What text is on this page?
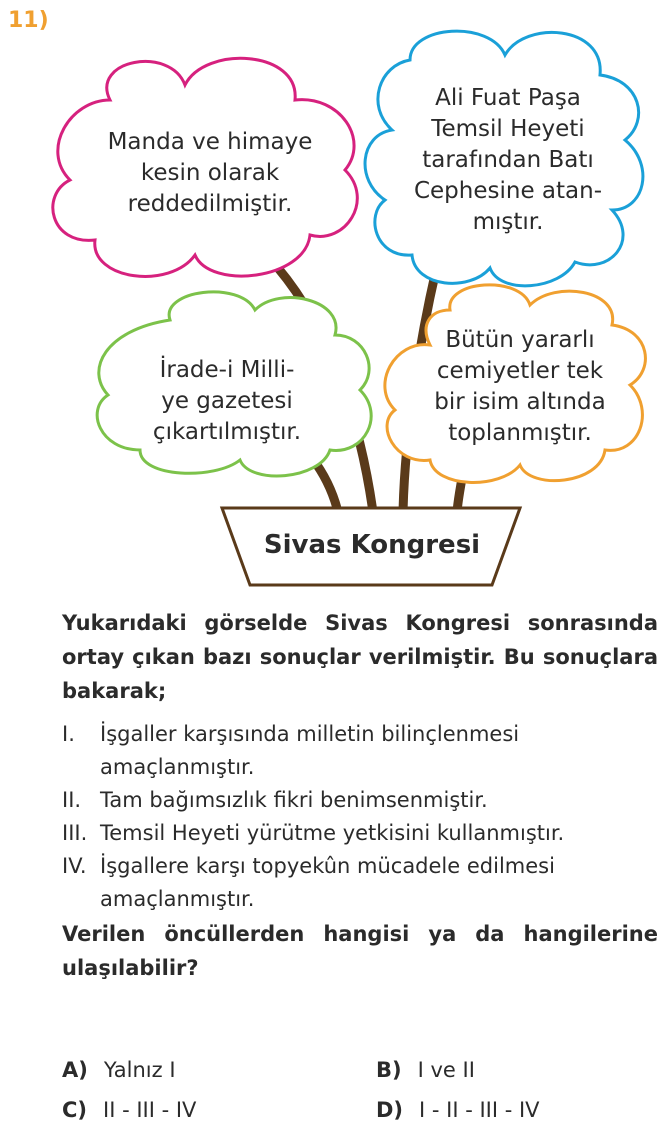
11)
Manda ve himaye
kesin olarak
reddedilmiştir.
Ali Fuat Paşa
Temsil Heyeti
tarafından Batı
Cephesine atan-
mıştır.
İrade-i Milli-
ye gazetesi
çıkartılmıştır.
Bütün yararlı
cemiyetler tek
bir isim altında
toplanmıştır.
Sivas Kongresi
Yukarıdaki görselde Sivas Kongresi sonrasında ortay çıkan bazı sonuçlar verilmiştir. Bu sonuçlara bakarak;
I.	İşgaller karşısında milletin bilinçlenmesi amaçlanmıştır.
II. Tam bağımsızlık fikri benimsenmiştir.
III. Temsil Heyeti yürütme yetkisini kullanmıştır.
IV. İşgallere karşı topyekûn mücadele edilmesi amaçlanmıştır.
Verilen öncüllerden hangisi ya da hangilerine ulaşılabilir?
A) Yalnız I	B) I ve II
C) II - III - IV	D) I - II - III - IV
